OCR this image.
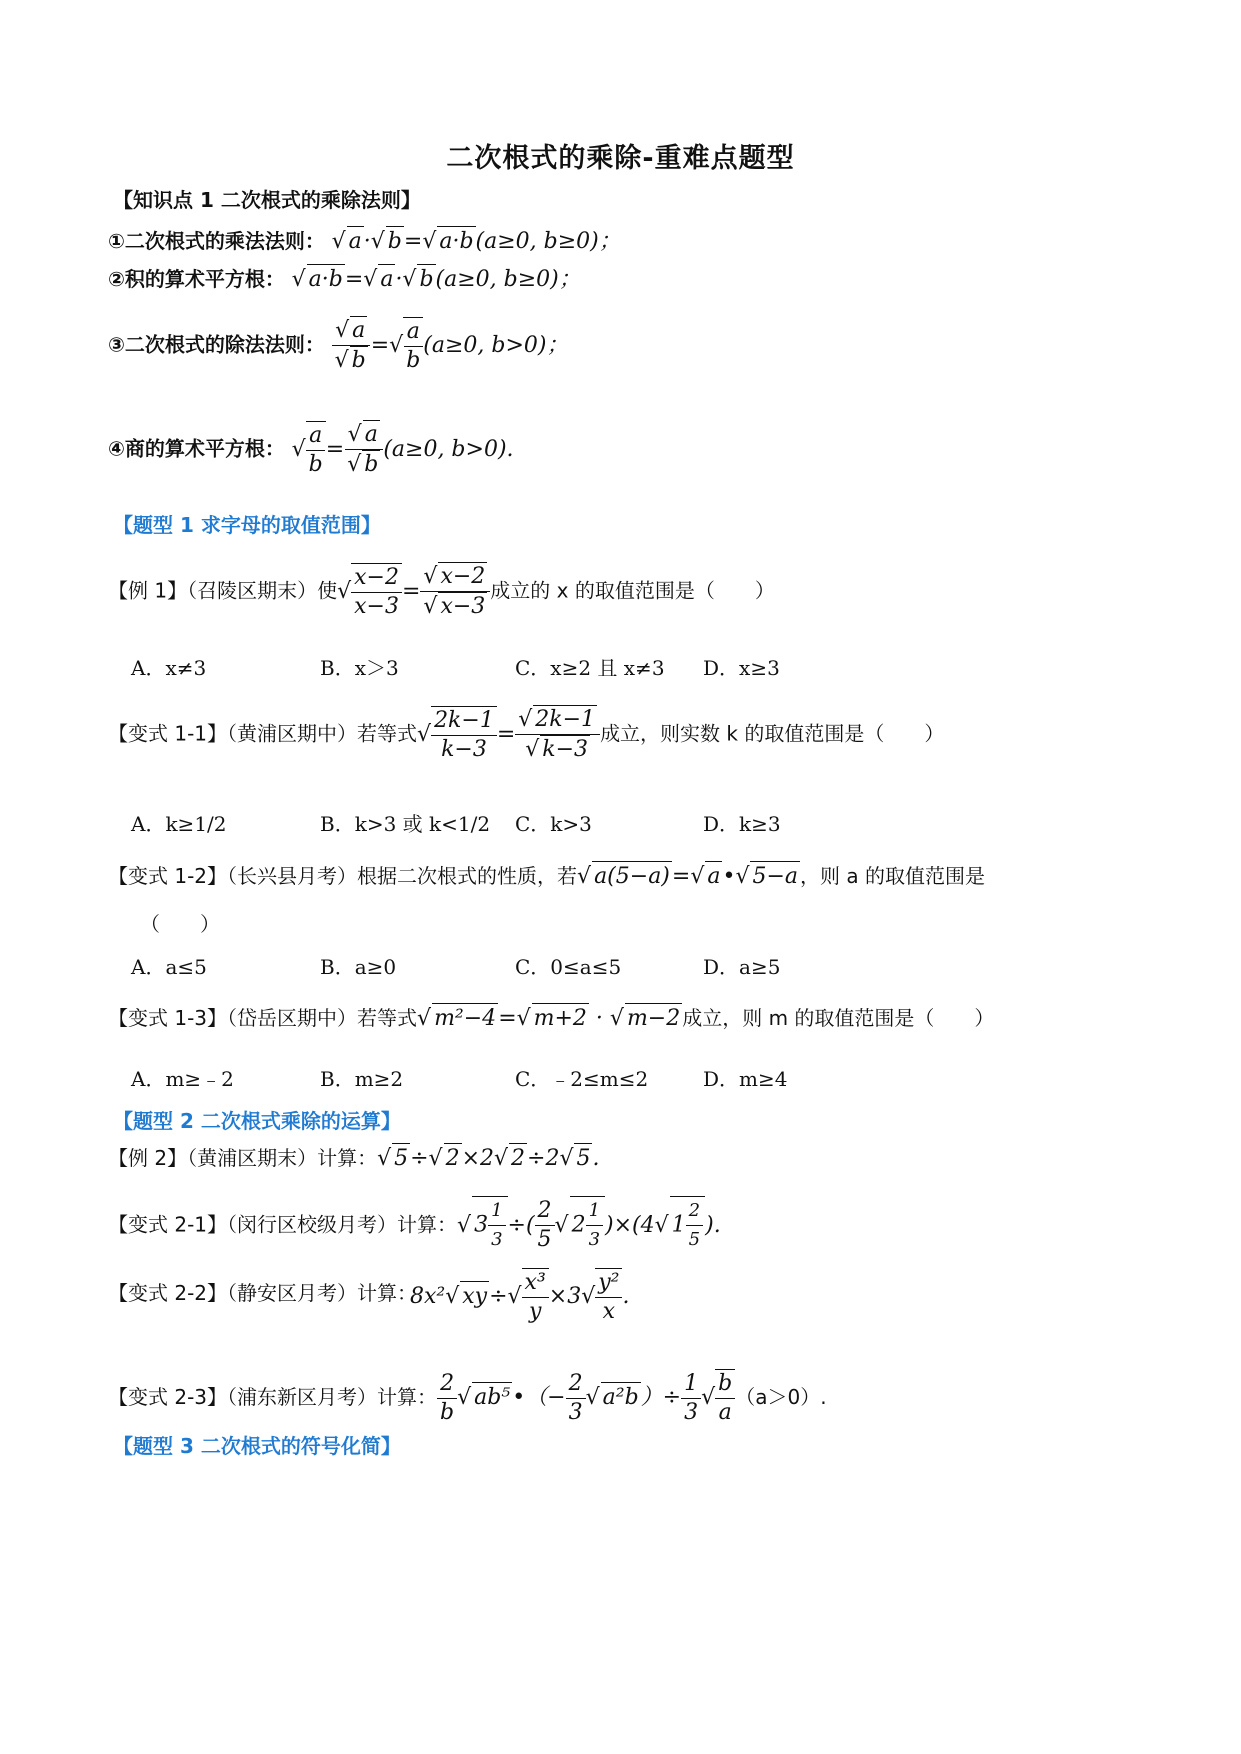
二次根式的乘除-重难点题型
【知识点 1 二次根式的乘除法则】
①二次根式的乘法法则： √ a·√ b=√ a·b(a≥0, b≥0)；
②积的算术平方根： √ a·b=√ a·√ b(a≥0, b≥0)；
③二次根式的除法法则： $\frac{√ a}{√ b}$ =√ $\frac{a}{b} (a\ge 0$, b>0)；
④商的算术平方根： √ $\frac{a}{b} = \frac{√ a}{√ b} (a\ge 0$, b>0).
【题型 1 求字母的取值范围】
【例 1】（召陵区期末）使√ $\frac{x-2}{x-3} = \frac{√ x-2}{√ x-3}$ 成立的 x 的取值范围是（　　）
A．x≠3	B．x＞3	C．x≥2 且 x≠3 D．x≥3
【变式 1-1】（黄浦区期中）若等式√ $\frac{2k-1}{k-3} = \frac{√ 2k-1}{√ k-3}$ 成立，则实数 k 的取值范围是（　　）
A．k≥1/2	B．k>3 或 k<1/2 C．k>3	D．k≥3
【变式 1-2】（长兴县月考）根据二次根式的性质，若√ a(5−a)=√ a•√ 5−a ，则 a 的取值范围是
（　　）
A．a≤5	B．a≥0	C．0≤a≤5	D．a≥5
【变式 1-3】（岱岳区期中）若等式√ m²−4=√ m+2 · √ m−2 成立，则 m 的取值范围是（　　）
A．m≥﹣2	B．m≥2	C．﹣2≤m≤2	D．m≥4
【题型 2 二次根式乘除的运算】
【例 2】（黄浦区期末）计算：√ 5÷√ 2×2√ 2÷2√ 5.
【变式 2-1】（闵行区校级月考）计算：√ $3 \frac{1}{3}$ ÷( $\frac{2}{5}$ √ $2 \frac{1}{3} )\times(4√$ $1 \frac{2}{5}$ ).
【变式 2-2】（静安区月考）计算：
8x²√ $xy\div√ \frac{\text{x³}}{y} \times 3√ \frac{\text{y²}}{x}$ .
【变式 2-3】（浦东新区月考）计算： $\frac{2}{b}$ √ ab⁵•（− $\frac{2}{3}$ √ $a^2b)\div \frac{1}{3}$ √ $\frac{b}{a} (a>0)$.
【题型 3 二次根式的符号化简】
